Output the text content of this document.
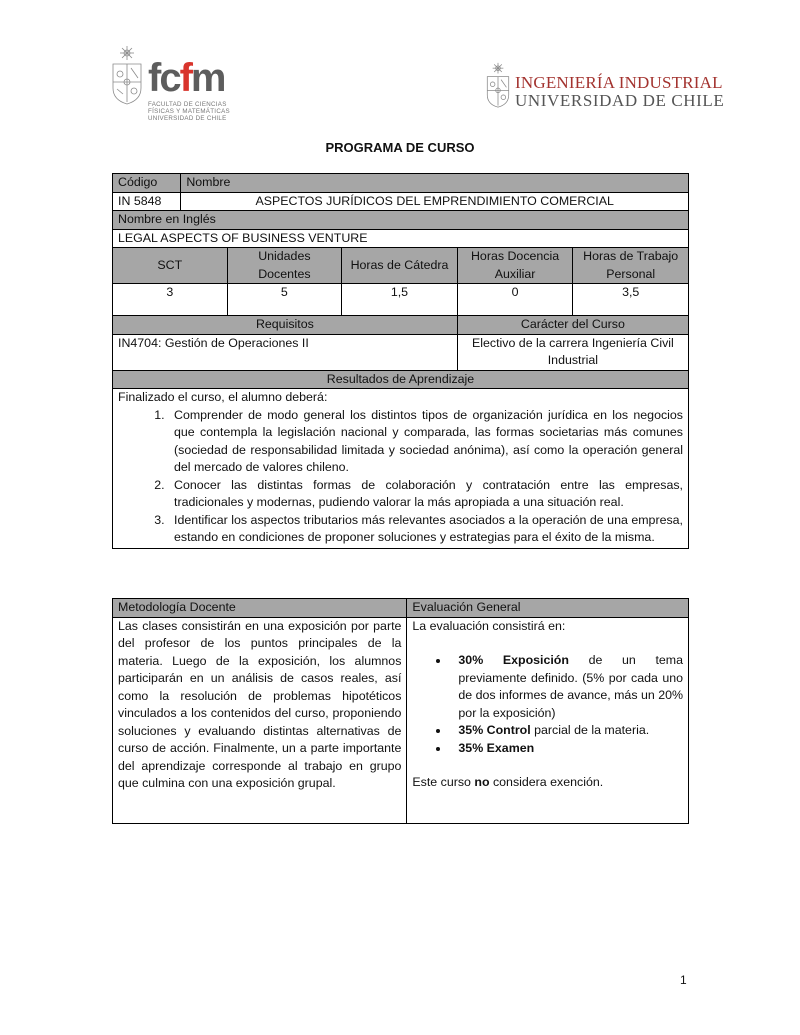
fcfm
FACULTAD DE CIENCIAS
FÍSICAS Y MATEMÁTICAS
UNIVERSIDAD DE CHILE
INGENIERÍA INDUSTRIAL
UNIVERSIDAD DE CHILE
PROGRAMA DE CURSO
Código	Nombre				
IN 5848	ASPECTOS JURÍDICOS DEL EMPRENDIMIENTO COMERCIAL				
Nombre en Inglés					
LEGAL ASPECTS OF BUSINESS VENTURE					
SCT		Unidades Docentes	Horas de Cátedra	Horas Docencia Auxiliar	Horas de Trabajo Personal
3		5	1,5	0	3,5
Requisitos				Carácter del Curso	
IN4704: Gestión de Operaciones II				Electivo de la carrera Ingeniería Civil Industrial	
Resultados de Aprendizaje					

Finalizado el curso, el alumno deberá:
1. Comprender de modo general los distintos tipos de organización jurídica en los negocios que contempla la legislación nacional y comparada, las formas societarias más comunes (sociedad de responsabilidad limitada y sociedad anónima), así como la operación general del mercado de valores chileno.
2. Conocer las distintas formas de colaboración y contratación entre las empresas, tradicionales y modernas, pudiendo valorar la más apropiada a una situación real.
3. Identificar los aspectos tributarios más relevantes asociados a la operación de una empresa, estando en condiciones de proponer soluciones y estrategias para el éxito de la misma.
Metodología Docente	Evaluación General
Las clases consistirán en una exposición por parte del profesor de los puntos principales de la materia. Luego de la exposición, los alumnos participarán en un análisis de casos reales, así como la resolución de problemas hipotéticos vinculados a los contenidos del curso, proponiendo soluciones y evaluando distintas alternativas de curso de acción. Finalmente, un a parte importante del aprendizaje corresponde al trabajo en grupo que culmina con una exposición grupal.	
La evaluación consistirá en:
• 30% Exposición de un tema previamente definido. (5% por cada uno de dos informes de avance, más un 20% por la exposición)
• 35% Control parcial de la materia.
• 35% Examen
Este curso no considera exención.
1
